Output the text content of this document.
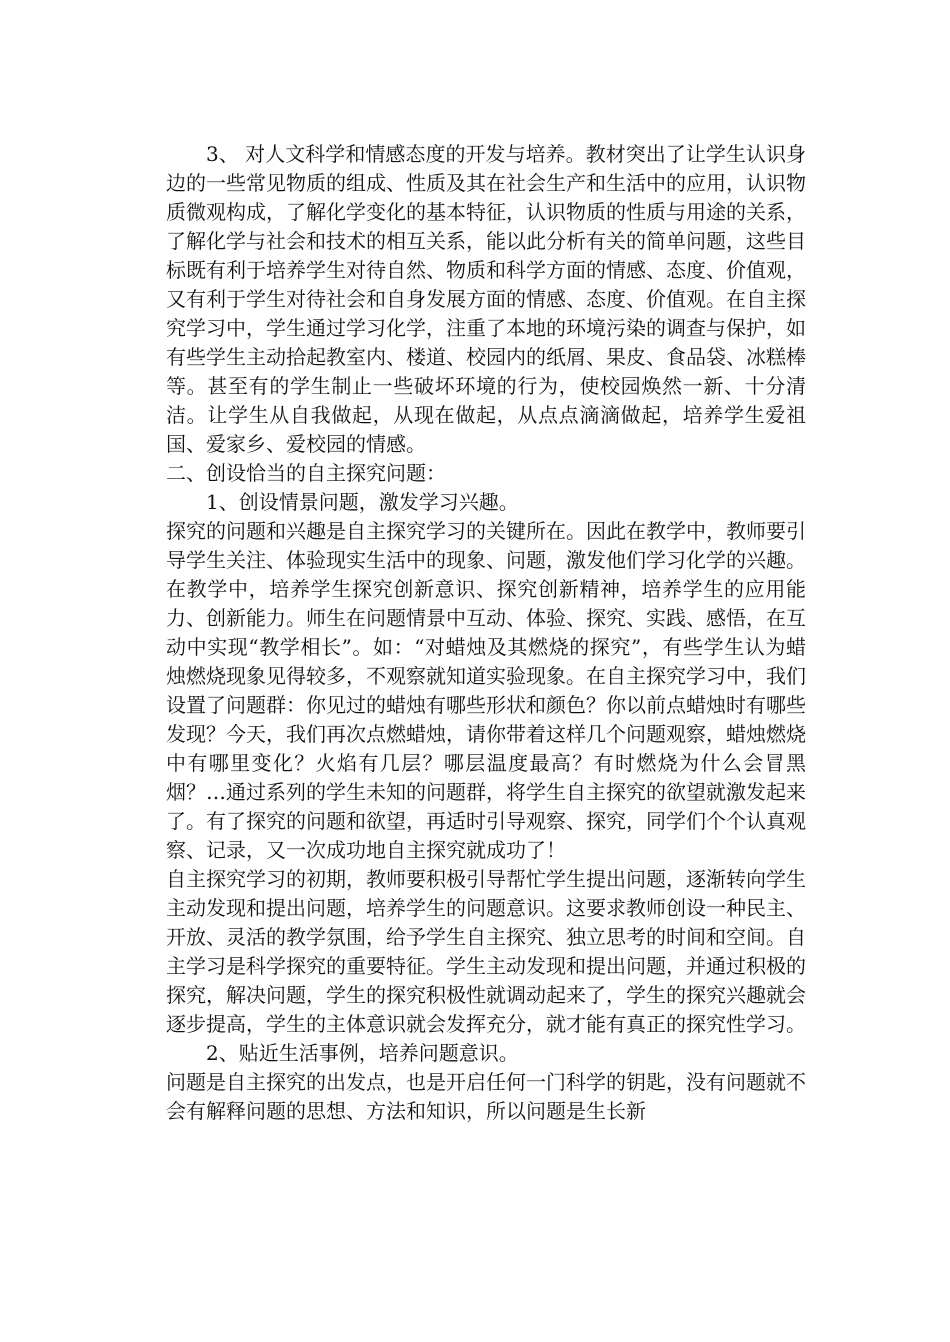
3、 对人文科学和情感态度的开发与培养。教材突出了让学生认识身边的一些常见物质的组成、性质及其在社会生产和生活中的应用，认识物质微观构成，了解化学变化的基本特征，认识物质的性质与用途的关系，了解化学与社会和技术的相互关系，能以此分析有关的简单问题，这些目标既有利于培养学生对待自然、物质和科学方面的情感、态度、价值观，又有利于学生对待社会和自身发展方面的情感、态度、价值观。在自主探究学习中，学生通过学习化学，注重了本地的环境污染的调查与保护，如有些学生主动拾起教室内、楼道、校园内的纸屑、果皮、食品袋、冰糕棒等。甚至有的学生制止一些破坏环境的行为，使校园焕然一新、十分清洁。让学生从自我做起，从现在做起，从点点滴滴做起，培养学生爱祖国、爱家乡、爱校园的情感。

二、创设恰当的自主探究问题：

1、创设情景问题，激发学习兴趣。

探究的问题和兴趣是自主探究学习的关键所在。因此在教学中，教师要引导学生关注、体验现实生活中的现象、问题，激发他们学习化学的兴趣。在教学中，培养学生探究创新意识、探究创新精神，培养学生的应用能力、创新能力。师生在问题情景中互动、体验、探究、实践、感悟，在互动中实现“教学相长”。如：“对蜡烛及其燃烧的探究”，有些学生认为蜡烛燃烧现象见得较多，不观察就知道实验现象。在自主探究学习中，我们设置了问题群：你见过的蜡烛有哪些形状和颜色？你以前点蜡烛时有哪些发现？今天，我们再次点燃蜡烛，请你带着这样几个问题观察，蜡烛燃烧中有哪里变化？火焰有几层？哪层温度最高？有时燃烧为什么会冒黑烟？…通过系列的学生未知的问题群，将学生自主探究的欲望就激发起来了。有了探究的问题和欲望，再适时引导观察、探究，同学们个个认真观察、记录，又一次成功地自主探究就成功了！

自主探究学习的初期，教师要积极引导帮忙学生提出问题，逐渐转向学生主动发现和提出问题，培养学生的问题意识。这要求教师创设一种民主、开放、灵活的教学氛围，给予学生自主探究、独立思考的时间和空间。自主学习是科学探究的重要特征。学生主动发现和提出问题，并通过积极的探究，解决问题，学生的探究积极性就调动起来了，学生的探究兴趣就会逐步提高，学生的主体意识就会发挥充分，就才能有真正的探究性学习。

2、贴近生活事例，培养问题意识。

问题是自主探究的出发点，也是开启任何一门科学的钥匙，没有问题就不会有解释问题的思想、方法和知识，所以问题是生长新
